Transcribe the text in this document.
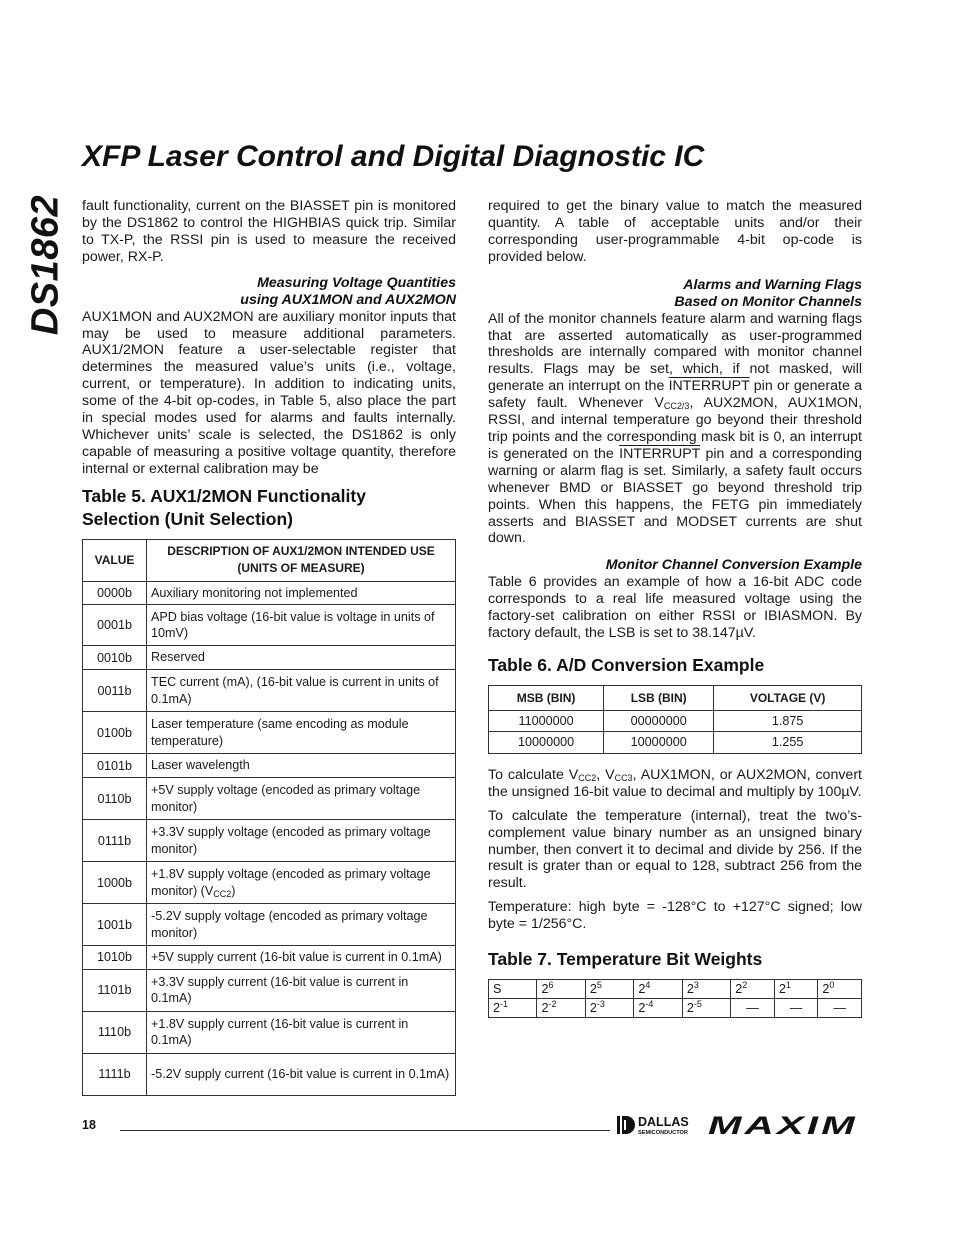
DS1862
XFP Laser Control and Digital Diagnostic IC

fault functionality, current on the BIASSET pin is monitored by the DS1862 to control the HIGHBIAS quick trip. Similar to TX-P, the RSSI pin is used to measure the received power, RX-P.

Measuring Voltage Quantities
using AUX1MON and AUX2MON

AUX1MON and AUX2MON are auxiliary monitor inputs that may be used to measure additional parameters. AUX1/2MON feature a user-selectable register that determines the measured value’s units (i.e., voltage, current, or temperature). In addition to indicating units, some of the 4-bit op-codes, in Table 5, also place the part in special modes used for alarms and faults internally. Whichever units’ scale is selected, the DS1862 is only capable of measuring a positive voltage quantity, therefore internal or external calibration may be

Table 5. AUX1/2MON Functionality
Selection (Unit Selection)
VALUE	DESCRIPTION OF AUX1/2MON INTENDED USE
(UNITS OF MEASURE)

0000b	Auxiliary monitoring not implemented
0001b	APD bias voltage (16-bit value is voltage in units of 10mV)
0010b	Reserved
0011b	TEC current (mA), (16-bit value is current in units of 0.1mA)
0100b	Laser temperature (same encoding as module temperature)
0101b	Laser wavelength
0110b	+5V supply voltage (encoded as primary voltage monitor)
0111b	+3.3V supply voltage (encoded as primary voltage monitor)
1000b	+1.8V supply voltage (encoded as primary voltage monitor) $(V_{CC2})$
1001b	-5.2V supply voltage (encoded as primary voltage monitor)
1010b	+5V supply current (16-bit value is current in 0.1mA)
1101b	+3.3V supply current (16-bit value is current in 0.1mA)
1110b	+1.8V supply current (16-bit value is current in 0.1mA)
1111b	-5.2V supply current (16-bit value is current in 0.1mA)

required to get the binary value to match the measured quantity. A table of acceptable units and/or their corresponding user-programmable 4-bit op-code is provided below.

Alarms and Warning Flags
Based on Monitor Channels

All of the monitor channels feature alarm and warning flags that are asserted automatically as user-programmed thresholds are internally compared with monitor channel results. Flags may be set, which, if not masked, will generate an interrupt on the INTERRUPT pin or generate a safety fault. Whenever $V_{CC2/3}$, AUX2MON, AUX1MON, RSSI, and internal temperature go beyond their threshold trip points and the corresponding mask bit is 0, an interrupt is generated on the INTERRUPT pin and a corresponding warning or alarm flag is set. Similarly, a safety fault occurs whenever BMD or BIASSET go beyond threshold trip points. When this happens, the FETG pin immediately asserts and BIASSET and MODSET currents are shut down.

Monitor Channel Conversion Example

Table 6 provides an example of how a 16-bit ADC code corresponds to a real life measured voltage using the factory-set calibration on either RSSI or IBIASMON. By factory default, the LSB is set to 38.147µV.

Table 6. A/D Conversion Example
MSB (BIN)	LSB (BIN)	VOLTAGE (V)
11000000	00000000	1.875
10000000	10000000	1.255

To calculate $V_{CC2}$, $V_{CC3}$, AUX1MON, or AUX2MON, convert the unsigned 16-bit value to decimal and multiply by 100µV.

To calculate the temperature (internal), treat the two’s-complement value binary number as an unsigned binary number, then convert it to decimal and divide by 256. If the result is grater than or equal to 128, subtract 256 from the result.

Temperature: high byte = -128°C to +127°C signed; low byte = 1/256°C.

Table 7. Temperature Bit Weights
S	$2^6$	$2^5$	$2^4$	$2^3$	$2^2$	$2^1$	$2^0$
$2^{-1}$	$2^{-2}$	$2^{-3}$	$2^{-4}$	$2^{-5}$	—	—	—
18	DALLAS
SEMICONDUCTOR MAXIM
